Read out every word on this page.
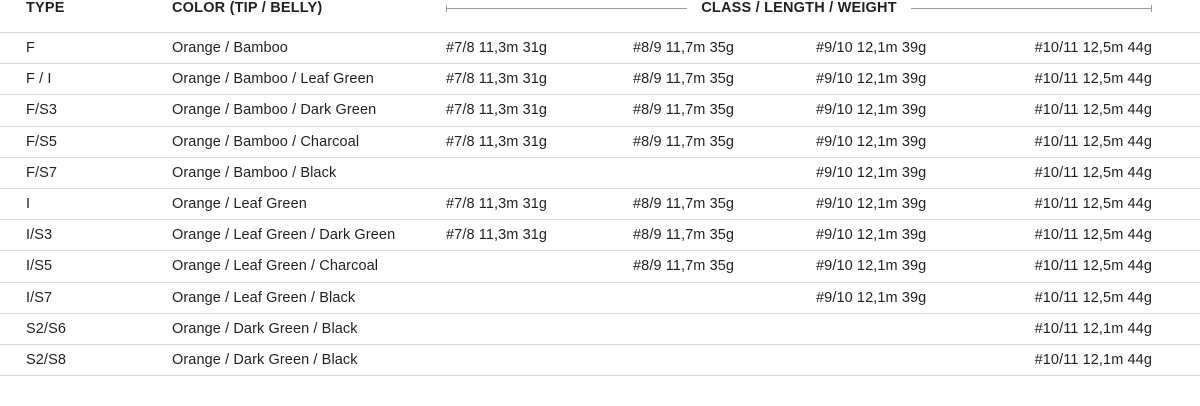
TYPE	COLOR (TIP / BELLY)	CLASS / LENGTH / WEIGHT			

F	Orange / Bamboo	#7/8 11,3m 31g	#8/9 11,7m 35g	#9/10 12,1m 39g	#10/11 12,5m 44g
F / I	Orange / Bamboo / Leaf Green	#7/8 11,3m 31g	#8/9 11,7m 35g	#9/10 12,1m 39g	#10/11 12,5m 44g
F/S3	Orange / Bamboo / Dark Green	#7/8 11,3m 31g	#8/9 11,7m 35g	#9/10 12,1m 39g	#10/11 12,5m 44g
F/S5	Orange / Bamboo / Charcoal	#7/8 11,3m 31g	#8/9 11,7m 35g	#9/10 12,1m 39g	#10/11 12,5m 44g
F/S7	Orange / Bamboo / Black			#9/10 12,1m 39g	#10/11 12,5m 44g
I	Orange / Leaf Green	#7/8 11,3m 31g	#8/9 11,7m 35g	#9/10 12,1m 39g	#10/11 12,5m 44g
I/S3	Orange / Leaf Green / Dark Green	#7/8 11,3m 31g	#8/9 11,7m 35g	#9/10 12,1m 39g	#10/11 12,5m 44g
I/S5	Orange / Leaf Green / Charcoal		#8/9 11,7m 35g	#9/10 12,1m 39g	#10/11 12,5m 44g
I/S7	Orange / Leaf Green / Black			#9/10 12,1m 39g	#10/11 12,5m 44g
S2/S6	Orange / Dark Green / Black				#10/11 12,1m 44g
S2/S8	Orange / Dark Green / Black				#10/11 12,1m 44g
